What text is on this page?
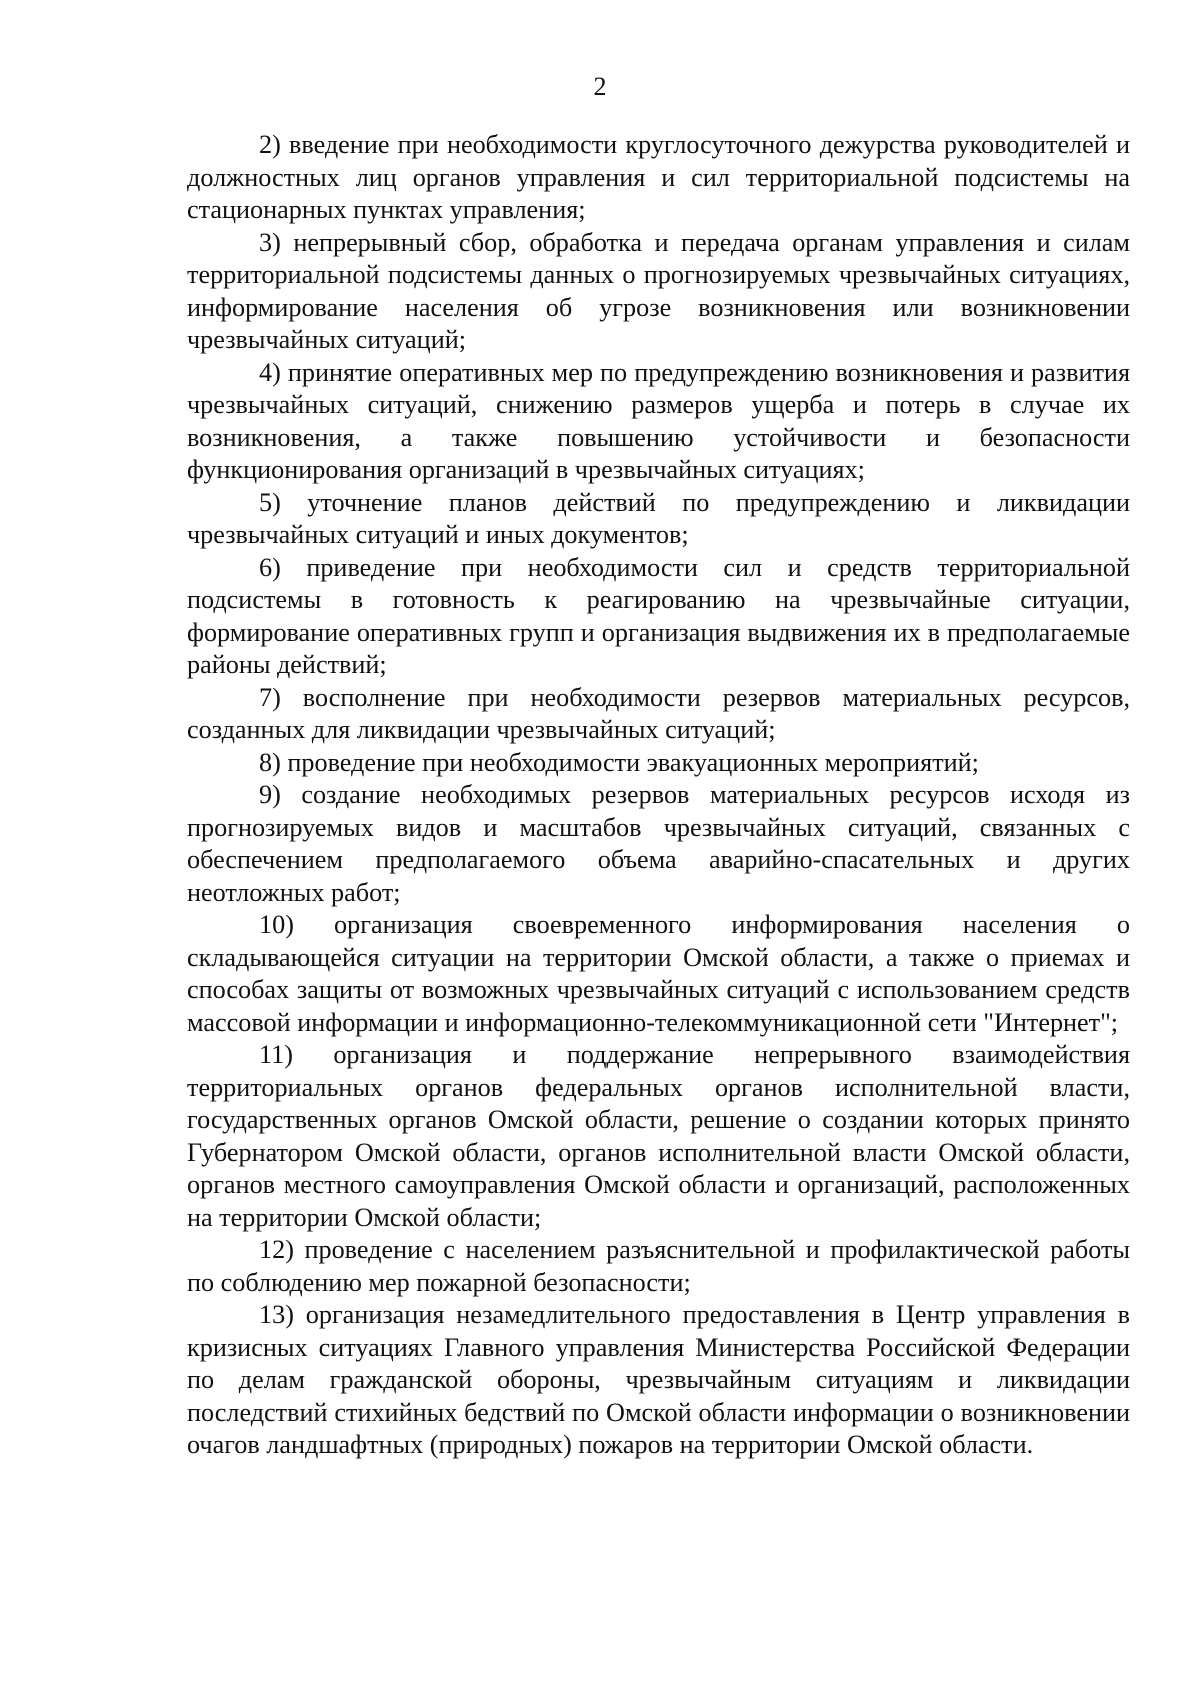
2

2) введение при необходимости круглосуточного дежурства руководителей и должностных лиц органов управления и сил территориальной подсистемы на стационарных пунктах управления;

3) непрерывный сбор, обработка и передача органам управления и силам территориальной подсистемы данных о прогнозируемых чрезвычайных ситуациях, информирование населения об угрозе возникновения или возникновении чрезвычайных ситуаций;

4) принятие оперативных мер по предупреждению возникновения и развития чрезвычайных ситуаций, снижению размеров ущерба и потерь в случае их возникновения, а также повышению устойчивости и безопасности функционирования организаций в чрезвычайных ситуациях;

5) уточнение планов действий по предупреждению и ликвидации чрезвычайных ситуаций и иных документов;

6) приведение при необходимости сил и средств территориальной подсистемы в готовность к реагированию на чрезвычайные ситуации, формирование оперативных групп и организация выдвижения их в предполагаемые районы действий;

7) восполнение при необходимости резервов материальных ресурсов, созданных для ликвидации чрезвычайных ситуаций;

8) проведение при необходимости эвакуационных мероприятий;

9) создание необходимых резервов материальных ресурсов исходя из прогнозируемых видов и масштабов чрезвычайных ситуаций, связанных с обеспечением предполагаемого объема аварийно-спасательных и других неотложных работ;

10) организация своевременного информирования населения о складывающейся ситуации на территории Омской области, а также о приемах и способах защиты от возможных чрезвычайных ситуаций с использованием средств массовой информации и информационно-телекоммуникационной сети "Интернет";

11) организация и поддержание непрерывного взаимодействия территориальных органов федеральных органов исполнительной власти, государственных органов Омской области, решение о создании которых принято Губернатором Омской области, органов исполнительной власти Омской области, органов местного самоуправления Омской области и организаций, расположенных на территории Омской области;

12) проведение с населением разъяснительной и профилактической работы по соблюдению мер пожарной безопасности;

13) организация незамедлительного предоставления в Центр управления в кризисных ситуациях Главного управления Министерства Российской Федерации по делам гражданской обороны, чрезвычайным ситуациям и ликвидации последствий стихийных бедствий по Омской области информации о возникновении очагов ландшафтных (природных) пожаров на территории Омской области.
